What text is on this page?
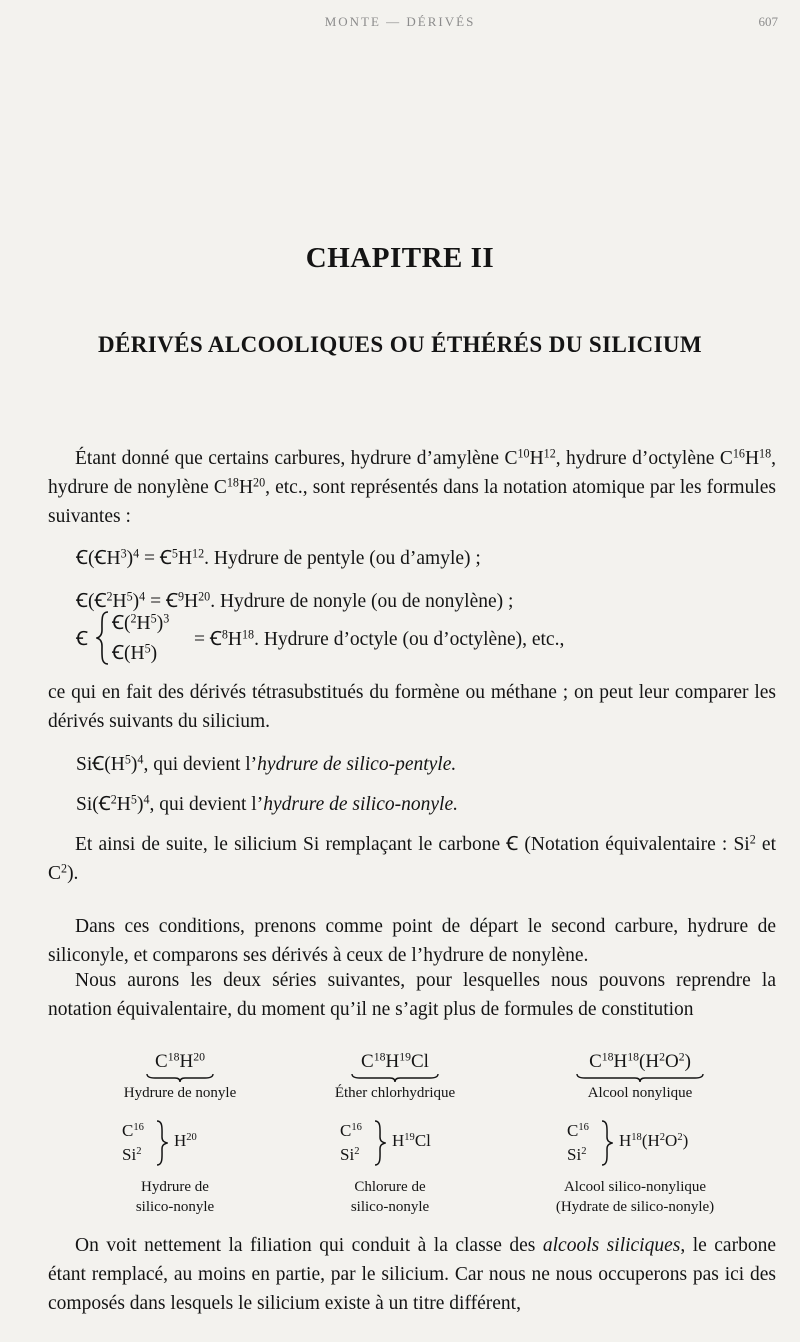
MONTE — DÉRIVÉS	607
CHAPITRE II
DÉRIVÉS ALCOOLIQUES OU ÉTHÉRÉS DU SILICIUM
Étant donné que certains carbures, hydrure d’amylène $C^{10}H^{12}$, hydrure d’octylène $C^{16}H^{18}$, hydrure de nonylène $C^{18}H^{20}$, etc., sont représentés dans la notation atomique par les formules suivantes :
Ꞓ(ꞒH$^3$)$^4$ = $Ꞓ^5H^{12}$. Hydrure de pentyle (ou d’amyle) ;
$Ꞓ(Ꞓ^2H^5)^4$ = $Ꞓ^9H^{20}$. Hydrure de nonyle (ou de nonylène) ;
Ꞓ
$Ꞓ(^2H^5)^3$
$Ꞓ(H^5)$
= $Ꞓ^8H^{18}$. Hydrure d’octyle (ou d’octylène), etc.,
ce qui en fait des dérivés tétrasubstitués du formène ou méthane ; on peut leur comparer les dérivés suivants du silicium.
$SiꞒ(H^5)^4$, qui devient l’hydrure de silico-pentyle.
$Si(Ꞓ^2H^5)^4$, qui devient l’hydrure de silico-nonyle.
Et ainsi de suite, le silicium Si remplaçant le carbone Ꞓ (Notation équivalentaire : Si$^2$ et $C^2$).
Dans ces conditions, prenons comme point de départ le second carbure, hydrure de siliconyle, et comparons ses dérivés à ceux de l’hydrure de nonylène.
Nous aurons les deux séries suivantes, pour lesquelles nous pouvons reprendre la notation équivalentaire, du moment qu’il ne s’agit plus de formules de constitution
$C^{18}H^{20}$
Hydrure de nonyle
$C^{18}H^{19}Cl$
Éther chlorhydrique
$C^{18}H^{18}(H^2O^2)$
Alcool nonylique
$C^{16}$
Si$^2$
$H^{20}$	$C^{16}$
Si$^2$
$H^{19}Cl$
$C^{16}$
Si$^2$
$H^{18}(H^2O^2)$
Hydrure de
silico-nonyle
Chlorure de
silico-nonyle
Alcool silico-nonylique
(Hydrate de silico-nonyle)
On voit nettement la filiation qui conduit à la classe des alcools siliciques, le carbone étant remplacé, au moins en partie, par le silicium. Car nous ne nous occuperons pas ici des composés dans lesquels le silicium existe à un titre différent,
